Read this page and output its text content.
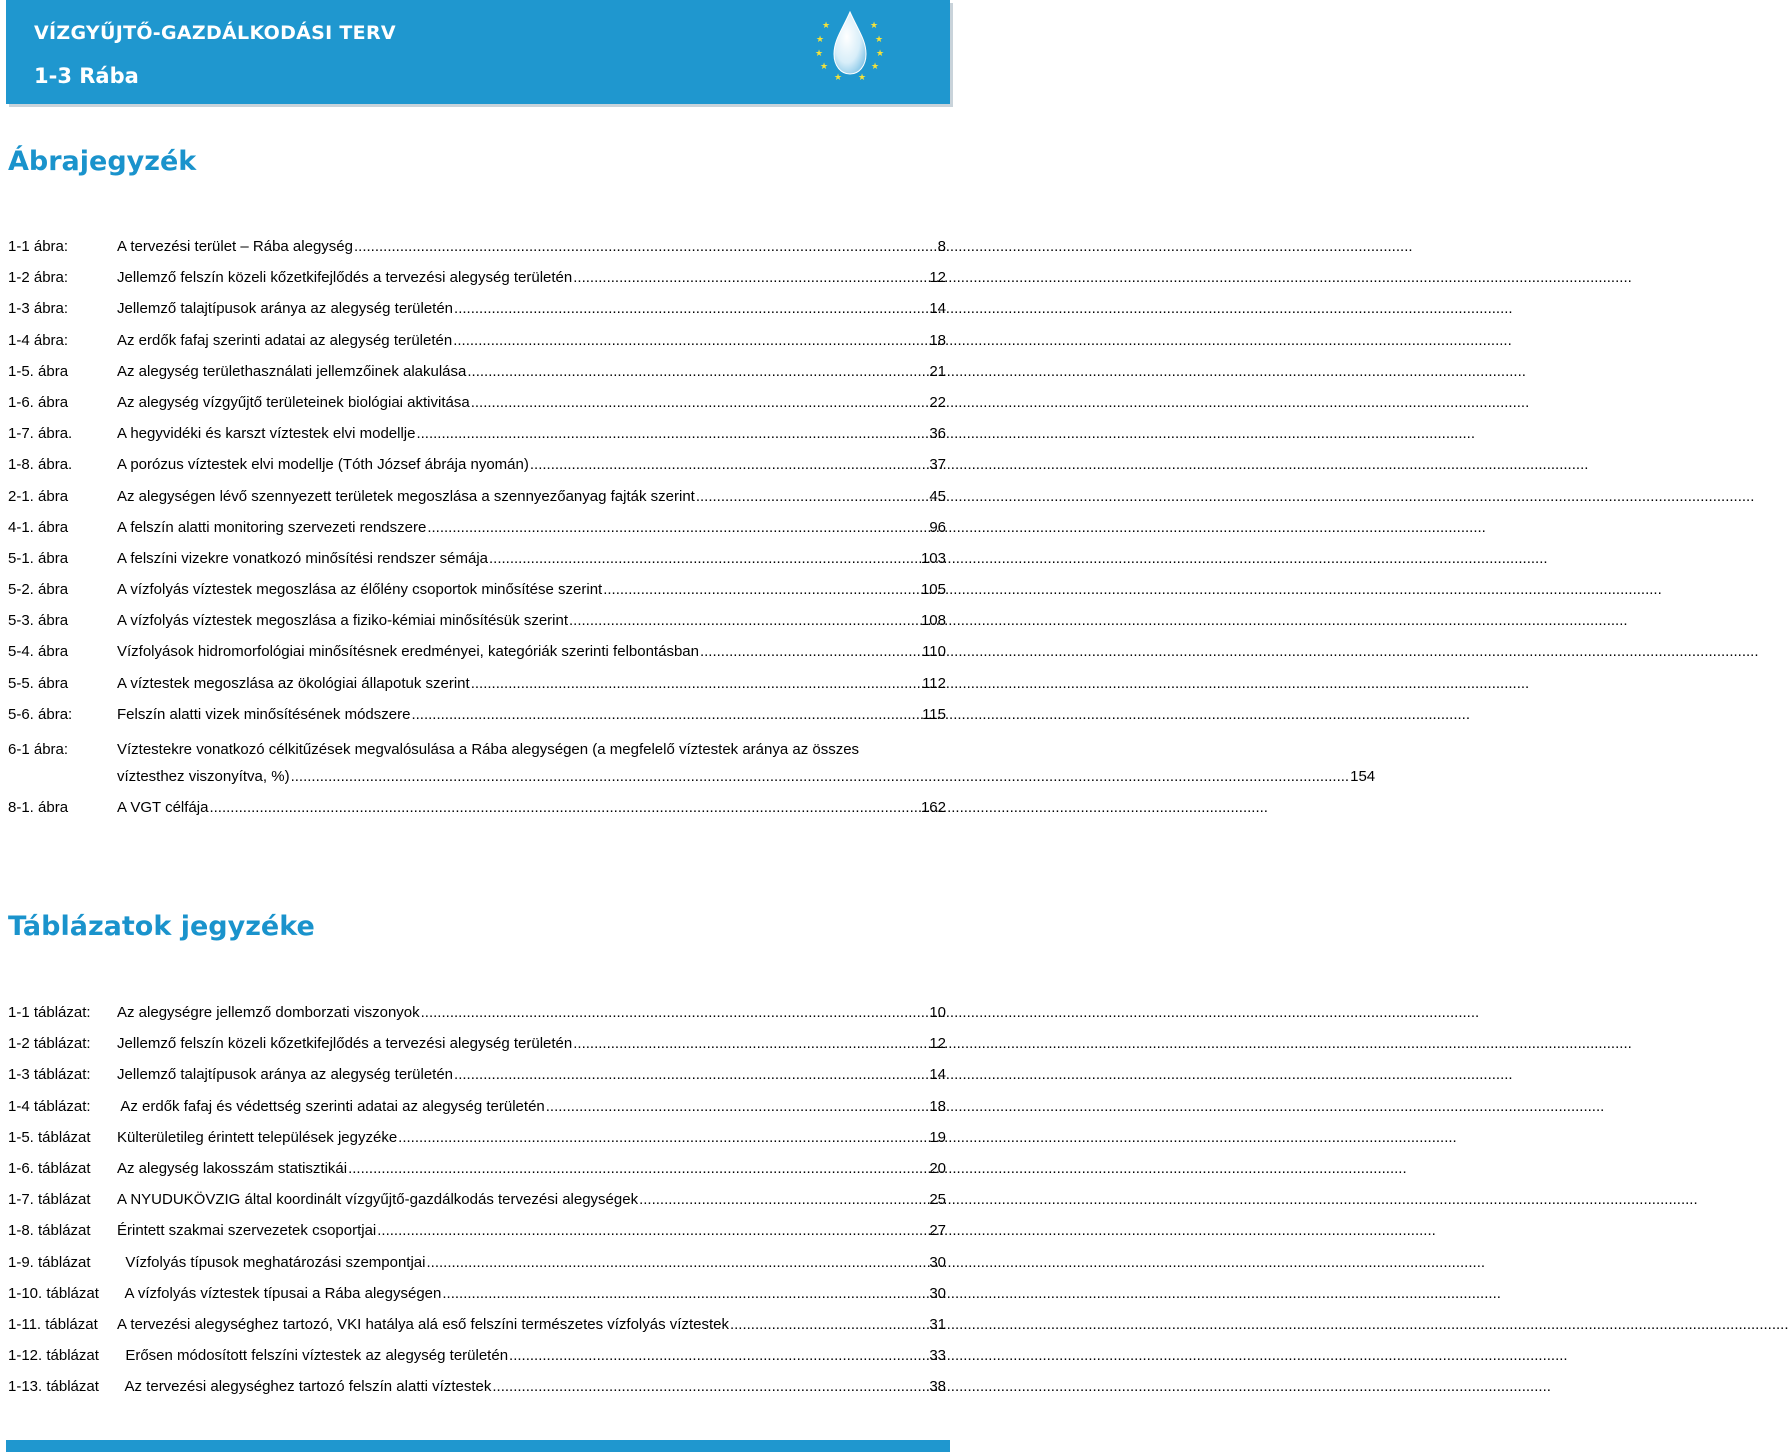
VÍZGYŰJTŐ-GAZDÁLKODÁSI TERV
1-3 Rába
★
★
★
★
★
★
★
★
★ ★
Ábrajegyzék
1-1 ábra:	A tervezési terület – Rába alegység .....	8
1-2 ábra:	Jellemző felszín közeli kőzetkifejlődés a tervezési alegység területén .....	12
1-3 ábra:	Jellemző talajtípusok aránya az alegység területén .....	14
1-4 ábra:	Az erdők fafaj szerinti adatai az alegység területén .....	18
1-5. ábra	Az alegység területhasználati jellemzőinek alakulása .....	21
1-6. ábra	Az alegység vízgyűjtő területeinek biológiai aktivitása .....	22
1-7. ábra.	A hegyvidéki és karszt víztestek elvi modellje .....	36
1-8. ábra.	A porózus víztestek elvi modellje (Tóth József ábrája nyomán) .....	37
2-1. ábra	Az alegységen lévő szennyezett területek megoszlása a szennyezőanyag fajták szerint .....	45
4-1. ábra	A felszín alatti monitoring szervezeti rendszere .....	96
5-1. ábra	A felszíni vizekre vonatkozó minősítési rendszer sémája .....	103
5-2. ábra	A vízfolyás víztestek megoszlása az élőlény csoportok minősítése szerint .....	105
5-3. ábra	A vízfolyás víztestek megoszlása a fiziko-kémiai minősítésük szerint .....	108
5-4. ábra	Vízfolyások hidromorfológiai minősítésnek eredményei, kategóriák szerinti felbontásban .....	110
5-5. ábra	A víztestek megoszlása az ökológiai állapotuk szerint .....	112
5-6. ábra:	Felszín alatti vizek minősítésének módszere .....	115
6-1 ábra:	Víztestekre vonatkozó célkitűzések megvalósulása a Rába alegységen (a megfelelő víztestek aránya az összes
víztesthez viszonyítva, %) .....	154
8-1. ábra	A VGT célfája .....	162
Táblázatok jegyzéke
1-1 táblázat:	Az alegységre jellemző domborzati viszonyok .....	10
1-2 táblázat:	Jellemző felszín közeli kőzetkifejlődés a tervezési alegység területén .....	12
1-3 táblázat:	Jellemző talajtípusok aránya az alegység területén .....	14
1-4 táblázat:	Az erdők fafaj és védettség szerinti adatai az alegység területén .....	18
1-5. táblázat	Külterületileg érintett települések jegyzéke .....	19
1-6. táblázat	Az alegység lakosszám statisztikái .....	20
1-7. táblázat	A NYUDUKÖVZIG által koordinált vízgyűjtő-gazdálkodás tervezési alegységek .....	25
1-8. táblázat	Érintett szakmai szervezetek csoportjai .....	27
1-9. táblázat	Vízfolyás típusok meghatározási szempontjai .....	30
1-10. táblázat	A vízfolyás víztestek típusai a Rába alegységen .....	30
1-11. táblázat	A tervezési alegységhez tartozó, VKI hatálya alá eső felszíni természetes vízfolyás víztestek .....	31
1-12. táblázat	Erősen módosított felszíni víztestek az alegység területén .....	33
1-13. táblázat	Az tervezési alegységhez tartozó felszín alatti víztestek .....	38
